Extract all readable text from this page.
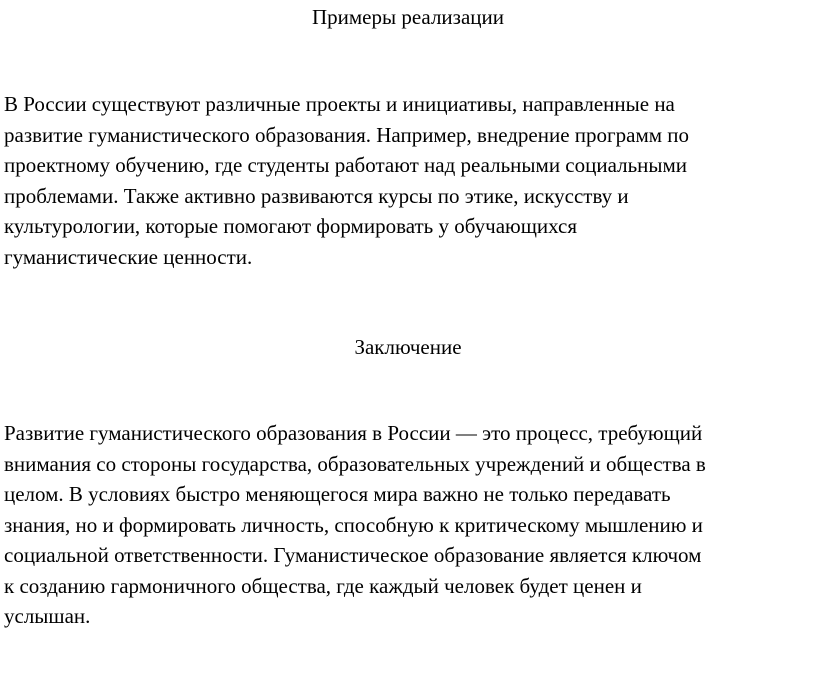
Примеры реализации
В России существуют различные проекты и инициативы, направленные на
развитие гуманистического образования. Например, внедрение программ по
проектному обучению, где студенты работают над реальными социальными
проблемами. Также активно развиваются курсы по этике, искусству и
культурологии, которые помогают формировать у обучающихся
гуманистические ценности.
Заключение
Развитие гуманистического образования в России — это процесс, требующий
внимания со стороны государства, образовательных учреждений и общества в
целом. В условиях быстро меняющегося мира важно не только передавать
знания, но и формировать личность, способную к критическому мышлению и
социальной ответственности. Гуманистическое образование является ключом
к созданию гармоничного общества, где каждый человек будет ценен и
услышан.
